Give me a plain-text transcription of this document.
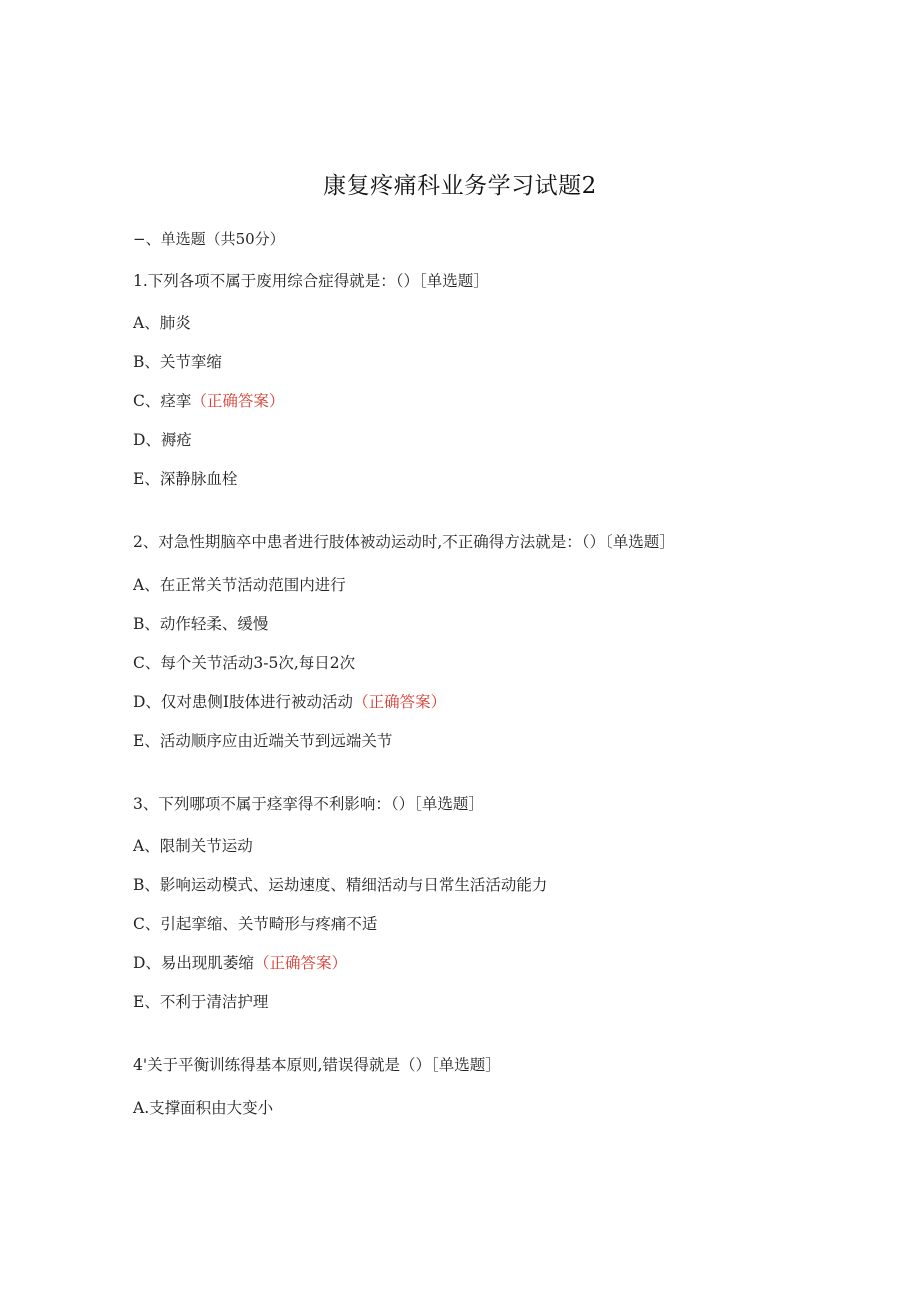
康复疼痛科业务学习试题2
−、单选题（共50分）
1.下列各项不属于废用综合症得就是：（）［单选题］
A、肺炎
B、关节挛缩
C、痉挛（正确答案）
D、褥疮
E、深静脉血栓
2、对急性期脑卒中患者进行肢体被动运动时,不正确得方法就是：（）〔单选题］
A、在正常关节活动范围内进行
B、动作轻柔、缓慢
C、每个关节活动3-5次,每日2次
D、仅对患侧I肢体进行被动活动（正确答案）
E、活动顺序应由近端关节到远端关节
3、下列哪项不属于痉挛得不利影响：（）［单选题］
A、限制关节运动
B、影响运动模式、运劫速度、精细活动与日常生活活动能力
C、引起挛缩、关节畸形与疼痛不适
D、易出现肌萎缩（正确答案）
E、不利于清洁护理
4'关于平衡训练得基本原则,错误得就是（）［单选题］
A.支撑面积由大变小
